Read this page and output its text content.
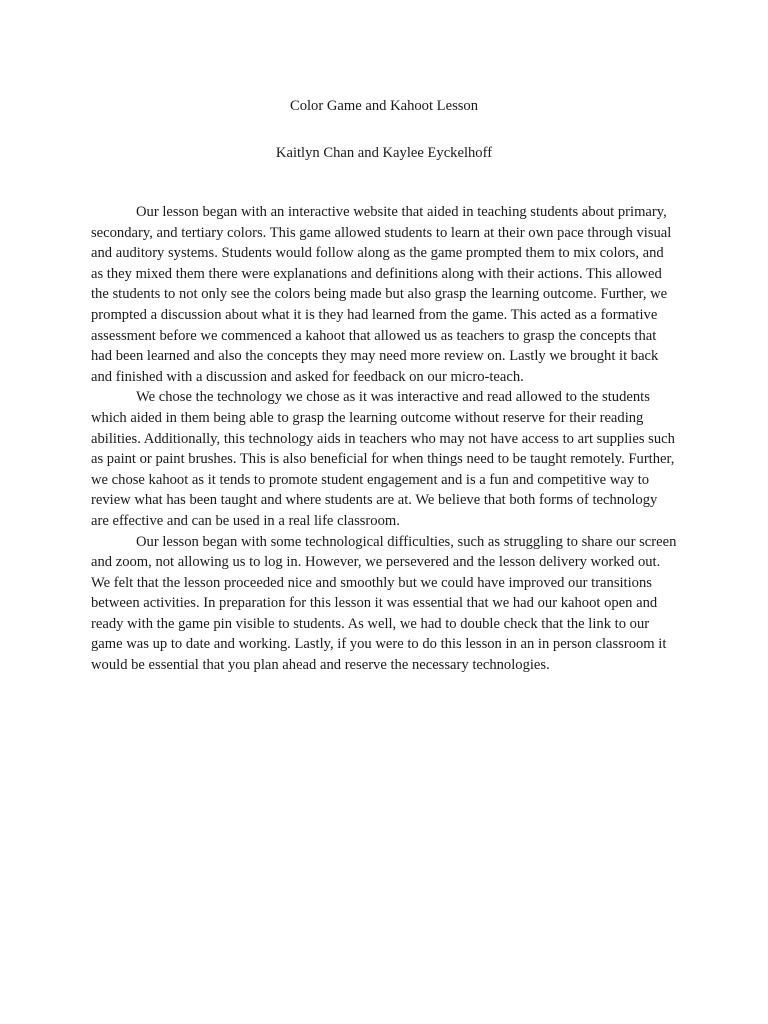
Color Game and Kahoot Lesson
Kaitlyn Chan and Kaylee Eyckelhoff

Our lesson began with an interactive website that aided in teaching students about primary, secondary, and tertiary colors. This game allowed students to learn at their own pace through visual and auditory systems. Students would follow along as the game prompted them to mix colors, and as they mixed them there were explanations and definitions along with their actions. This allowed the students to not only see the colors being made but also grasp the learning outcome. Further, we prompted a discussion about what it is they had learned from the game. This acted as a formative assessment before we commenced a kahoot that allowed us as teachers to grasp the concepts that had been learned and also the concepts they may need more review on. Lastly we brought it back and finished with a discussion and asked for feedback on our micro-teach.

We chose the technology we chose as it was interactive and read allowed to the students which aided in them being able to grasp the learning outcome without reserve for their reading abilities. Additionally, this technology aids in teachers who may not have access to art supplies such as paint or paint brushes. This is also beneficial for when things need to be taught remotely. Further, we chose kahoot as it tends to promote student engagement and is a fun and competitive way to review what has been taught and where students are at. We believe that both forms of technology are effective and can be used in a real life classroom.

Our lesson began with some technological difficulties, such as struggling to share our screen and zoom, not allowing us to log in. However, we persevered and the lesson delivery worked out. We felt that the lesson proceeded nice and smoothly but we could have improved our transitions between activities. In preparation for this lesson it was essential that we had our kahoot open and ready with the game pin visible to students. As well, we had to double check that the link to our game was up to date and working. Lastly, if you were to do this lesson in an in person classroom it would be essential that you plan ahead and reserve the necessary technologies.
